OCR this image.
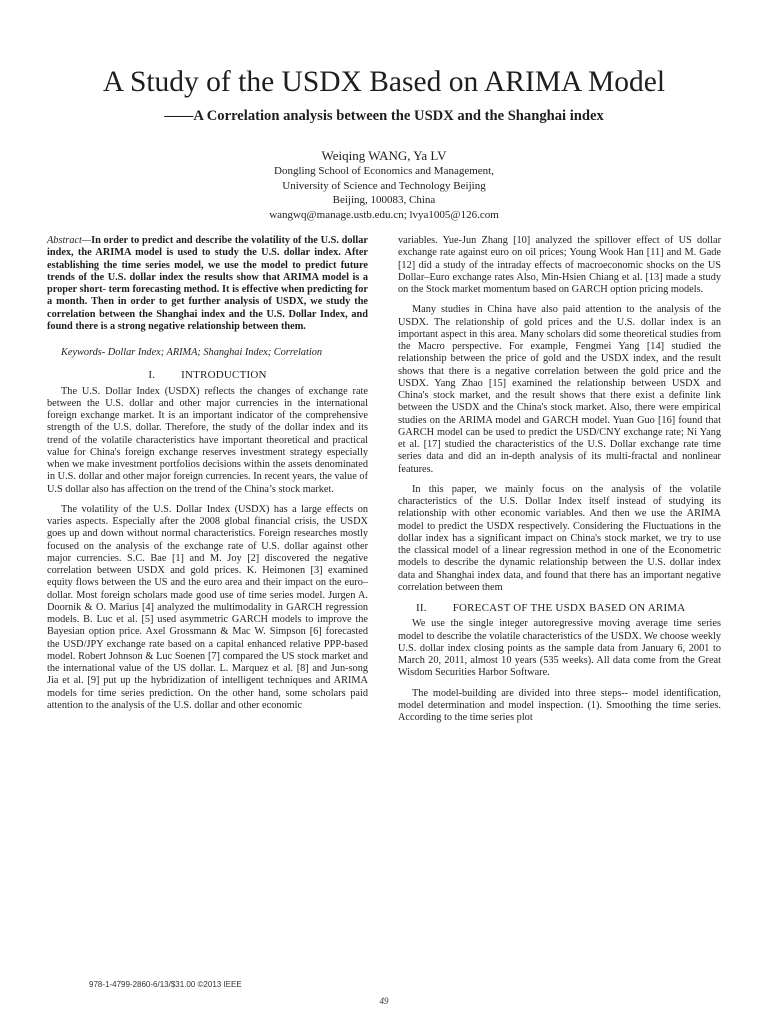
A Study of the USDX Based on ARIMA Model
——A Correlation analysis between the USDX and the Shanghai index
Weiqing WANG, Ya LV
Dongling School of Economics and Management,
University of Science and Technology Beijing
Beijing, 100083, China
wangwq@manage.ustb.edu.cn; lvya1005@126.com

Abstract—In order to predict and describe the volatility of the U.S. dollar index, the ARIMA model is used to study the U.S. dollar index. After establishing the time series model, we use the model to predict future trends of the U.S. dollar index the results show that ARIMA model is a proper short- term forecasting method. It is effective when predicting for a month. Then in order to get further analysis of USDX, we study the correlation between the Shanghai index and the U.S. Dollar Index, and found there is a strong negative relationship between them.

Keywords- Dollar Index; ARIMA; Shanghai Index; Correlation

I. INTRODUCTION

The U.S. Dollar Index (USDX) reflects the changes of exchange rate between the U.S. dollar and other major currencies in the international foreign exchange market. It is an important indicator of the comprehensive strength of the U.S. dollar. Therefore, the study of the dollar index and its trend of the volatile characteristics have important theoretical and practical value for China's foreign exchange reserves investment strategy especially when we make investment portfolios decisions within the assets denominated in U.S. dollar and other major foreign currencies. In recent years, the value of U.S dollar also has affection on the trend of the China’s stock market.

The volatility of the U.S. Dollar Index (USDX) has a large effects on varies aspects. Especially after the 2008 global financial crisis, the USDX goes up and down without normal characteristics. Foreign researches mostly focused on the analysis of the exchange rate of U.S. dollar against other major currencies. S.C. Bae [1] and M. Joy [2] discovered the negative correlation between USDX and gold prices. K. Heimonen [3] examined equity flows between the US and the euro area and their impact on the euro–dollar. Most foreign scholars made good use of time series model. Jurgen A. Doornik & O. Marius [4] analyzed the multimodality in GARCH regression models. B. Luc et al. [5] used asymmetric GARCH models to improve the Bayesian option price. Axel Grossmann & Mac W. Simpson [6] forecasted the USD/JPY exchange rate based on a capital enhanced relative PPP-based model. Robert Johnson & Luc Soenen [7] compared the US stock market and the international value of the US dollar. L. Marquez et al. [8] and Jun-song Jia et al. [9] put up the hybridization of intelligent techniques and ARIMA models for time series prediction. On the other hand, some scholars paid attention to the analysis of the U.S. dollar and other economic

variables. Yue-Jun Zhang [10] analyzed the spillover effect of US dollar exchange rate against euro on oil prices; Young Wook Han [11] and M. Gade [12] did a study of the intraday effects of macroeconomic shocks on the US Dollar–Euro exchange rates Also, Min-Hsien Chiang et al. [13] made a study on the Stock market momentum based on GARCH option pricing models.

Many studies in China have also paid attention to the analysis of the USDX. The relationship of gold prices and the U.S. dollar index is an important aspect in this area. Many scholars did some theoretical studies from the Macro perspective. For example, Fengmei Yang [14] studied the relationship between the price of gold and the USDX index, and the result shows that there is a negative correlation between the gold price and the USDX. Yang Zhao [15] examined the relationship between USDX and China's stock market, and the result shows that there exist a definite link between the USDX and the China's stock market. Also, there were empirical studies on the ARIMA model and GARCH model. Yuan Guo [16] found that GARCH model can be used to predict the USD/CNY exchange rate; Ni Yang et al. [17] studied the characteristics of the U.S. Dollar exchange rate time series data and did an in-depth analysis of its multi-fractal and nonlinear features.

In this paper, we mainly focus on the analysis of the volatile characteristics of the U.S. Dollar Index itself instead of studying its relationship with other economic variables. And then we use the ARIMA model to predict the USDX respectively. Considering the Fluctuations in the dollar index has a significant impact on China's stock market, we try to use the classical model of a linear regression method in one of the Econometric models to describe the dynamic relationship between the U.S. dollar index data and Shanghai index data, and found that there has an important negative correlation between them

II. FORECAST OF THE USDX BASED ON ARIMA

We use the single integer autoregressive moving average time series model to describe the volatile characteristics of the USDX. We choose weekly U.S. dollar index closing points as the sample data from January 6, 2001 to March 20, 2011, almost 10 years (535 weeks). All data come from the Great Wisdom Securities Harbor Software.

The model-building are divided into three steps-- model identification, model determination and model inspection. (1). Smoothing the time series. According to the time series plot

978-1-4799-2860-6/13/$31.00 ©2013 IEEE
49
